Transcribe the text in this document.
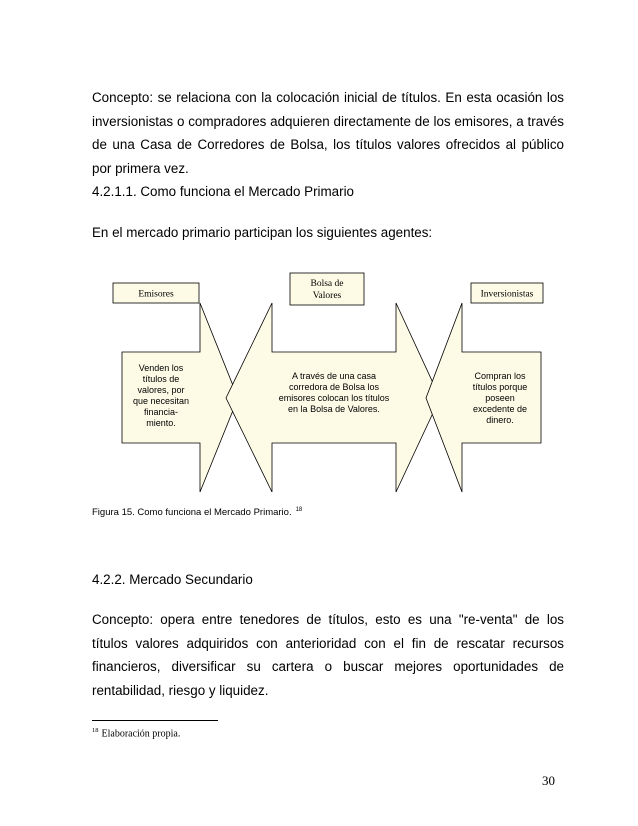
Concepto: se relaciona con la colocación inicial de títulos. En esta ocasión los inversionistas o compradores adquieren directamente de los emisores, a través de una Casa de Corredores de Bolsa, los títulos valores ofrecidos al público por primera vez.

4.2.1.1. Como funciona el Mercado Primario

En el mercado primario participan los siguientes agentes:

Emisores
Bolsa de
Valores	Inversionistas
Venden los
títulos de
valores, por
que necesitan
financia-
miento.
A través de una casa
corredora de Bolsa los
emisores colocan los títulos
en la Bolsa de Valores.
Compran los
títulos porque
poseen
excedente de
dinero.
Figura 15. Como funciona el Mercado Primario. $^{18}$

4.2.2. Mercado Secundario

Concepto: opera entre tenedores de títulos, esto es una "re-venta" de los títulos valores adquiridos con anterioridad con el fin de rescatar recursos financieros, diversificar su cartera o buscar mejores oportunidades de rentabilidad, riesgo y liquidez.

$^{18}$ Elaboración propia.
30
